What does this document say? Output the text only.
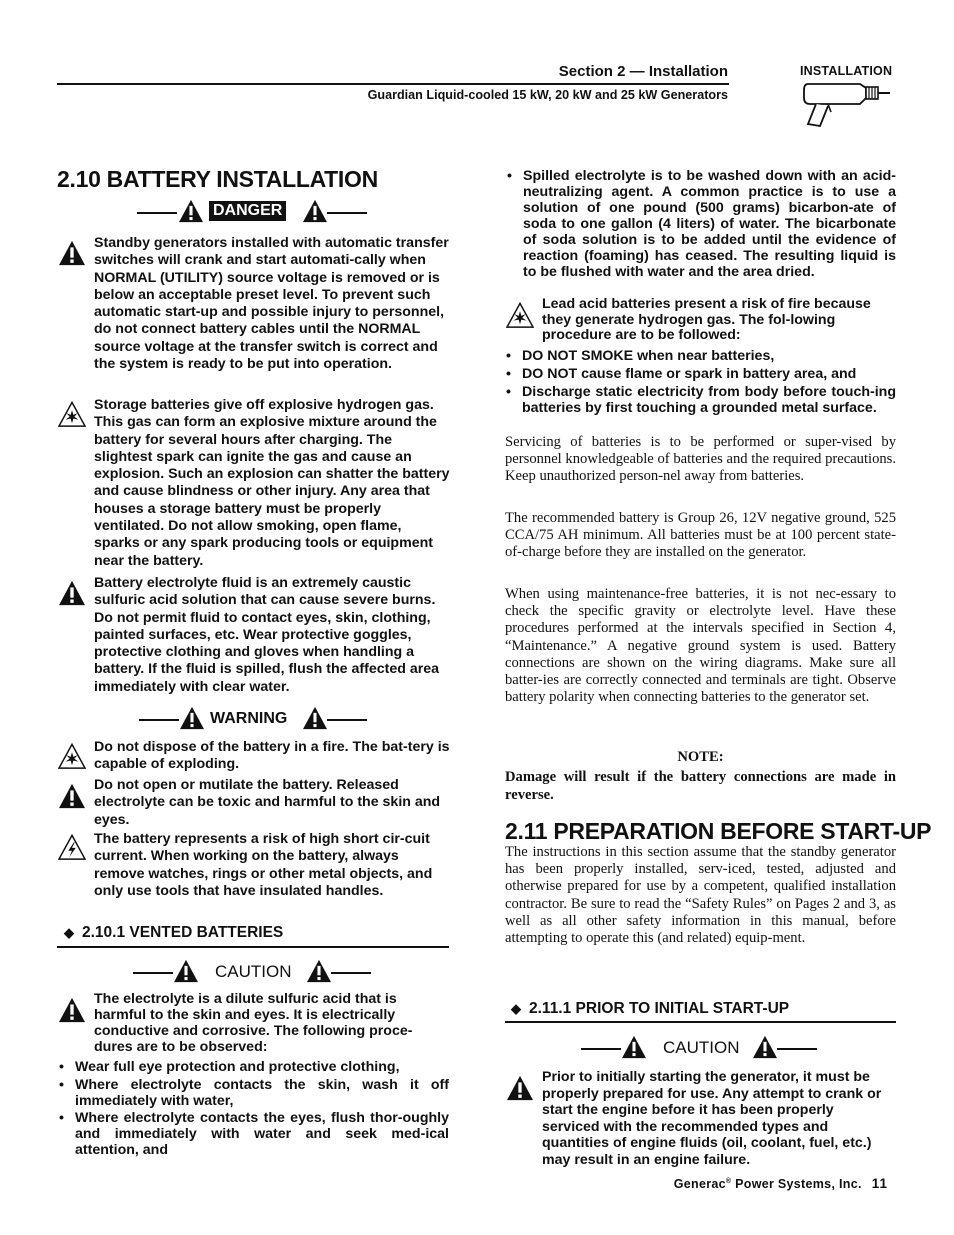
Section 2 — Installation
Guardian Liquid-cooled 15 kW, 20 kW and 25 kW Generators
INSTALLATION
2.10 BATTERY INSTALLATION
DANGER
Standby generators installed with automatic transfer switches will crank and start automati-cally when NORMAL (UTILITY) source voltage is removed or is below an acceptable preset level. To prevent such automatic start-up and possible injury to personnel, do not connect battery cables until the NORMAL source voltage at the transfer switch is correct and the system is ready to be put into operation.
Storage batteries give off explosive hydrogen gas. This gas can form an explosive mixture around the battery for several hours after charging. The slightest spark can ignite the gas and cause an explosion. Such an explosion can shatter the battery and cause blindness or other injury. Any area that houses a storage battery must be properly ventilated. Do not allow smoking, open flame, sparks or any spark producing tools or equipment near the battery.
Battery electrolyte fluid is an extremely caustic sulfuric acid solution that can cause severe burns. Do not permit fluid to contact eyes, skin, clothing, painted surfaces, etc. Wear protective goggles, protective clothing and gloves when handling a battery. If the fluid is spilled, flush the affected area immediately with clear water.
WARNING
Do not dispose of the battery in a fire. The bat-tery is capable of exploding.
Do not open or mutilate the battery. Released electrolyte can be toxic and harmful to the skin and eyes.
The battery represents a risk of high short cir-cuit current. When working on the battery, always remove watches, rings or other metal objects, and only use tools that have insulated handles.
◆ 2.10.1 VENTED BATTERIES
CAUTION
The electrolyte is a dilute sulfuric acid that is harmful to the skin and eyes. It is electrically conductive and corrosive. The following proce-dures are to be observed:
• Wear full eye protection and protective clothing,
• Where electrolyte contacts the skin, wash it off immediately with water,
• Where electrolyte contacts the eyes, flush thor-oughly and immediately with water and seek med-ical attention, and
• Spilled electrolyte is to be washed down with an acid-neutralizing agent. A common practice is to use a solution of one pound (500 grams) bicarbon-ate of soda to one gallon (4 liters) of water. The bicarbonate of soda solution is to be added until the evidence of reaction (foaming) has ceased. The resulting liquid is to be flushed with water and the area dried.
Lead acid batteries present a risk of fire because they generate hydrogen gas. The fol-lowing procedure are to be followed:
• DO NOT SMOKE when near batteries,
• DO NOT cause flame or spark in battery area, and
• Discharge static electricity from body before touch-ing batteries by first touching a grounded metal surface.
Servicing of batteries is to be performed or super-vised by personnel knowledgeable of batteries and the required precautions. Keep unauthorized person-nel away from batteries.
The recommended battery is Group 26, 12V negative ground, 525 CCA/75 AH minimum. All batteries must be at 100 percent state-of-charge before they are installed on the generator.
When using maintenance-free batteries, it is not nec-essary to check the specific gravity or electrolyte level. Have these procedures performed at the intervals specified in Section 4, “Maintenance.” A negative ground system is used. Battery connections are shown on the wiring diagrams. Make sure all batter-ies are correctly connected and terminals are tight. Observe battery polarity when connecting batteries to the generator set.
NOTE:
Damage will result if the battery connections are made in reverse.
2.11 PREPARATION BEFORE START-UP
The instructions in this section assume that the standby generator has been properly installed, serv-iced, tested, adjusted and otherwise prepared for use by a competent, qualified installation contractor. Be sure to read the “Safety Rules” on Pages 2 and 3, as well as all other safety information in this manual, before attempting to operate this (and related) equip-ment.
◆ 2.11.1 PRIOR TO INITIAL START-UP
CAUTION
Prior to initially starting the generator, it must be properly prepared for use. Any attempt to crank or start the engine before it has been properly serviced with the recommended types and quantities of engine fluids (oil, coolant, fuel, etc.) may result in an engine failure.
Generac® Power Systems, Inc. 11
